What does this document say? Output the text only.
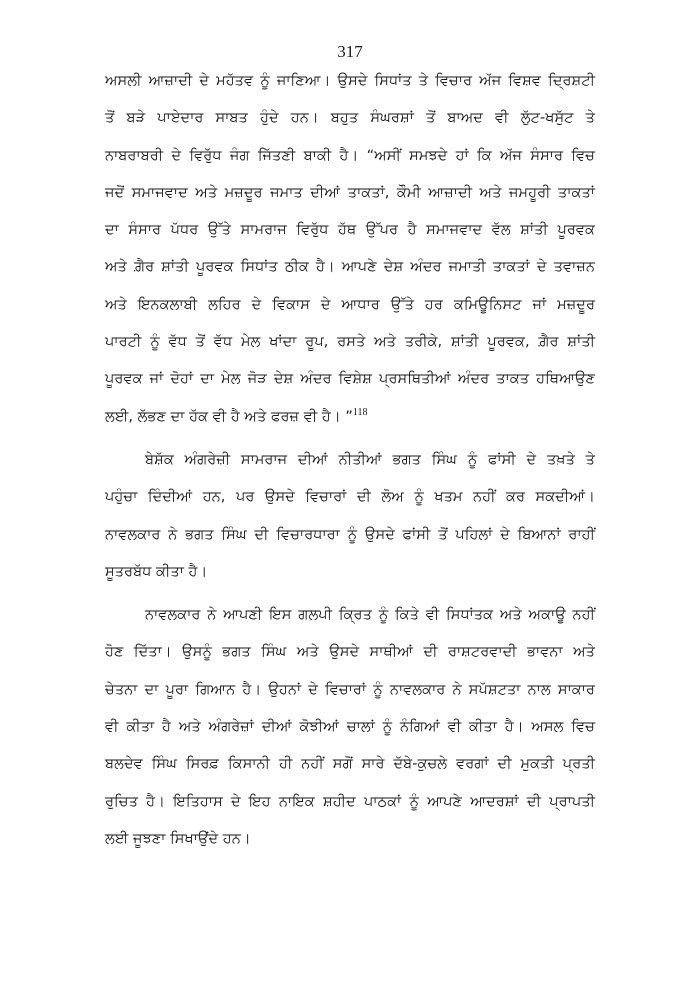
317
ਅਸਲੀ ਆਜ਼ਾਦੀ ਦੇ ਮਹੱਤਵ ਨੂੰ ਜਾਣਿਆ। ਉਸਦੇ ਸਿਧਾਂਤ ਤੇ ਵਿਚਾਰ ਅੱਜ ਵਿਸ਼ਵ ਦ੍ਰਿਸ਼ਟੀ
ਤੋਂ ਬੜੇ ਪਾਏਦਾਰ ਸਾਬਤ ਹੁੰਦੇ ਹਨ। ਬਹੁਤ ਸੰਘਰਸ਼ਾਂ ਤੋਂ ਬਾਅਦ ਵੀ ਲੁੱਟ-ਖਸੁੱਟ ਤੇ
ਨਾਬਰਾਬਰੀ ਦੇ ਵਿਰੁੱਧ ਜੰਗ ਜਿੱਤਣੀ ਬਾਕੀ ਹੈ। “ਅਸੀਂ ਸਮਝਦੇ ਹਾਂ ਕਿ ਅੱਜ ਸੰਸਾਰ ਵਿਚ
ਜਦੋਂ ਸਮਾਜਵਾਦ ਅਤੇ ਮਜ਼ਦੂਰ ਜਮਾਤ ਦੀਆਂ ਤਾਕਤਾਂ, ਕੌਮੀ ਆਜ਼ਾਦੀ ਅਤੇ ਜਮਹੂਰੀ ਤਾਕਤਾਂ
ਦਾ ਸੰਸਾਰ ਪੱਧਰ ਉੱਤੇ ਸਾਮਰਾਜ ਵਿਰੁੱਧ ਹੱਥ ਉੱਪਰ ਹੈ ਸਮਾਜਵਾਦ ਵੱਲ ਸ਼ਾਂਤੀ ਪੂਰਵਕ
ਅਤੇ ਗ਼ੈਰ ਸ਼ਾਂਤੀ ਪੂਰਵਕ ਸਿਧਾਂਤ ਠੀਕ ਹੈ। ਆਪਣੇ ਦੇਸ਼ ਅੰਦਰ ਜਮਾਤੀ ਤਾਕਤਾਂ ਦੇ ਤਵਾਜ਼ਨ
ਅਤੇ ਇਨਕਲਾਬੀ ਲਹਿਰ ਦੇ ਵਿਕਾਸ ਦੇ ਆਧਾਰ ਉੱਤੇ ਹਰ ਕਮਿਊਨਿਸਟ ਜਾਂ ਮਜ਼ਦੂਰ
ਪਾਰਟੀ ਨੂੰ ਵੱਧ ਤੋਂ ਵੱਧ ਮੇਲ ਖਾਂਦਾ ਰੂਪ, ਰਸਤੇ ਅਤੇ ਤਰੀਕੇ, ਸ਼ਾਂਤੀ ਪੂਰਵਕ, ਗ਼ੈਰ ਸ਼ਾਂਤੀ
ਪੂਰਵਕ ਜਾਂ ਦੋਹਾਂ ਦਾ ਮੇਲ ਜੋੜ ਦੇਸ਼ ਅੰਦਰ ਵਿਸ਼ੇਸ਼ ਪ੍ਰਸਥਿਤੀਆਂ ਅੰਦਰ ਤਾਕਤ ਹਥਿਆਉਣ
ਲਈ, ਲੱਭਣ ਦਾ ਹੱਕ ਵੀ ਹੈ ਅਤੇ ਫਰਜ਼ ਵੀ ਹੈ। ”$^{118}$
ਬੇਸ਼ੱਕ ਅੰਗਰੇਜ਼ੀ ਸਾਮਰਾਜ ਦੀਆਂ ਨੀਤੀਆਂ ਭਗਤ ਸਿੰਘ ਨੂੰ ਫਾਂਸੀ ਦੇ ਤਖ਼ਤੇ ਤੇ
ਪਹੁੰਚਾ ਦਿੰਦੀਆਂ ਹਨ, ਪਰ ਉਸਦੇ ਵਿਚਾਰਾਂ ਦੀ ਲੋਅ ਨੂੰ ਖਤਮ ਨਹੀਂ ਕਰ ਸਕਦੀਆਂ।
ਨਾਵਲਕਾਰ ਨੇ ਭਗਤ ਸਿੰਘ ਦੀ ਵਿਚਾਰਧਾਰਾ ਨੂੰ ਉਸਦੇ ਫਾਂਸੀ ਤੋਂ ਪਹਿਲਾਂ ਦੇ ਬਿਆਨਾਂ ਰਾਹੀਂ
ਸੂਤਰਬੱਧ ਕੀਤਾ ਹੈ।
ਨਾਵਲਕਾਰ ਨੇ ਆਪਣੀ ਇਸ ਗਲਪੀ ਕ੍ਰਿਤ ਨੂੰ ਕਿਤੇ ਵੀ ਸਿਧਾਂਤਕ ਅਤੇ ਅਕਾਊ ਨਹੀਂ
ਹੋਣ ਦਿੱਤਾ। ਉਸਨੂੰ ਭਗਤ ਸਿੰਘ ਅਤੇ ਉਸਦੇ ਸਾਥੀਆਂ ਦੀ ਰਾਸ਼ਟਰਵਾਦੀ ਭਾਵਨਾ ਅਤੇ
ਚੇਤਨਾ ਦਾ ਪੂਰਾ ਗਿਆਨ ਹੈ। ਉਹਨਾਂ ਦੇ ਵਿਚਾਰਾਂ ਨੂੰ ਨਾਵਲਕਾਰ ਨੇ ਸਪੱਸ਼ਟਤਾ ਨਾਲ ਸਾਕਾਰ
ਵੀ ਕੀਤਾ ਹੈ ਅਤੇ ਅੰਗਰੇਜ਼ਾਂ ਦੀਆਂ ਕੋਝੀਆਂ ਚਾਲਾਂ ਨੂੰ ਨੰਗਿਆਂ ਵੀ ਕੀਤਾ ਹੈ। ਅਸਲ ਵਿਚ
ਬਲਦੇਵ ਸਿੰਘ ਸਿਰਫ਼ ਕਿਸਾਨੀ ਹੀ ਨਹੀਂ ਸਗੋਂ ਸਾਰੇ ਦੱਬੇ-ਕੁਚਲੇ ਵਰਗਾਂ ਦੀ ਮੁਕਤੀ ਪ੍ਰਤੀ
ਰੁਚਿਤ ਹੈ। ਇਤਿਹਾਸ ਦੇ ਇਹ ਨਾਇਕ ਸ਼ਹੀਦ ਪਾਠਕਾਂ ਨੂੰ ਆਪਣੇ ਆਦਰਸ਼ਾਂ ਦੀ ਪ੍ਰਾਪਤੀ
ਲਈ ਜੂਝਣਾ ਸਿਖਾਉਂਦੇ ਹਨ।
